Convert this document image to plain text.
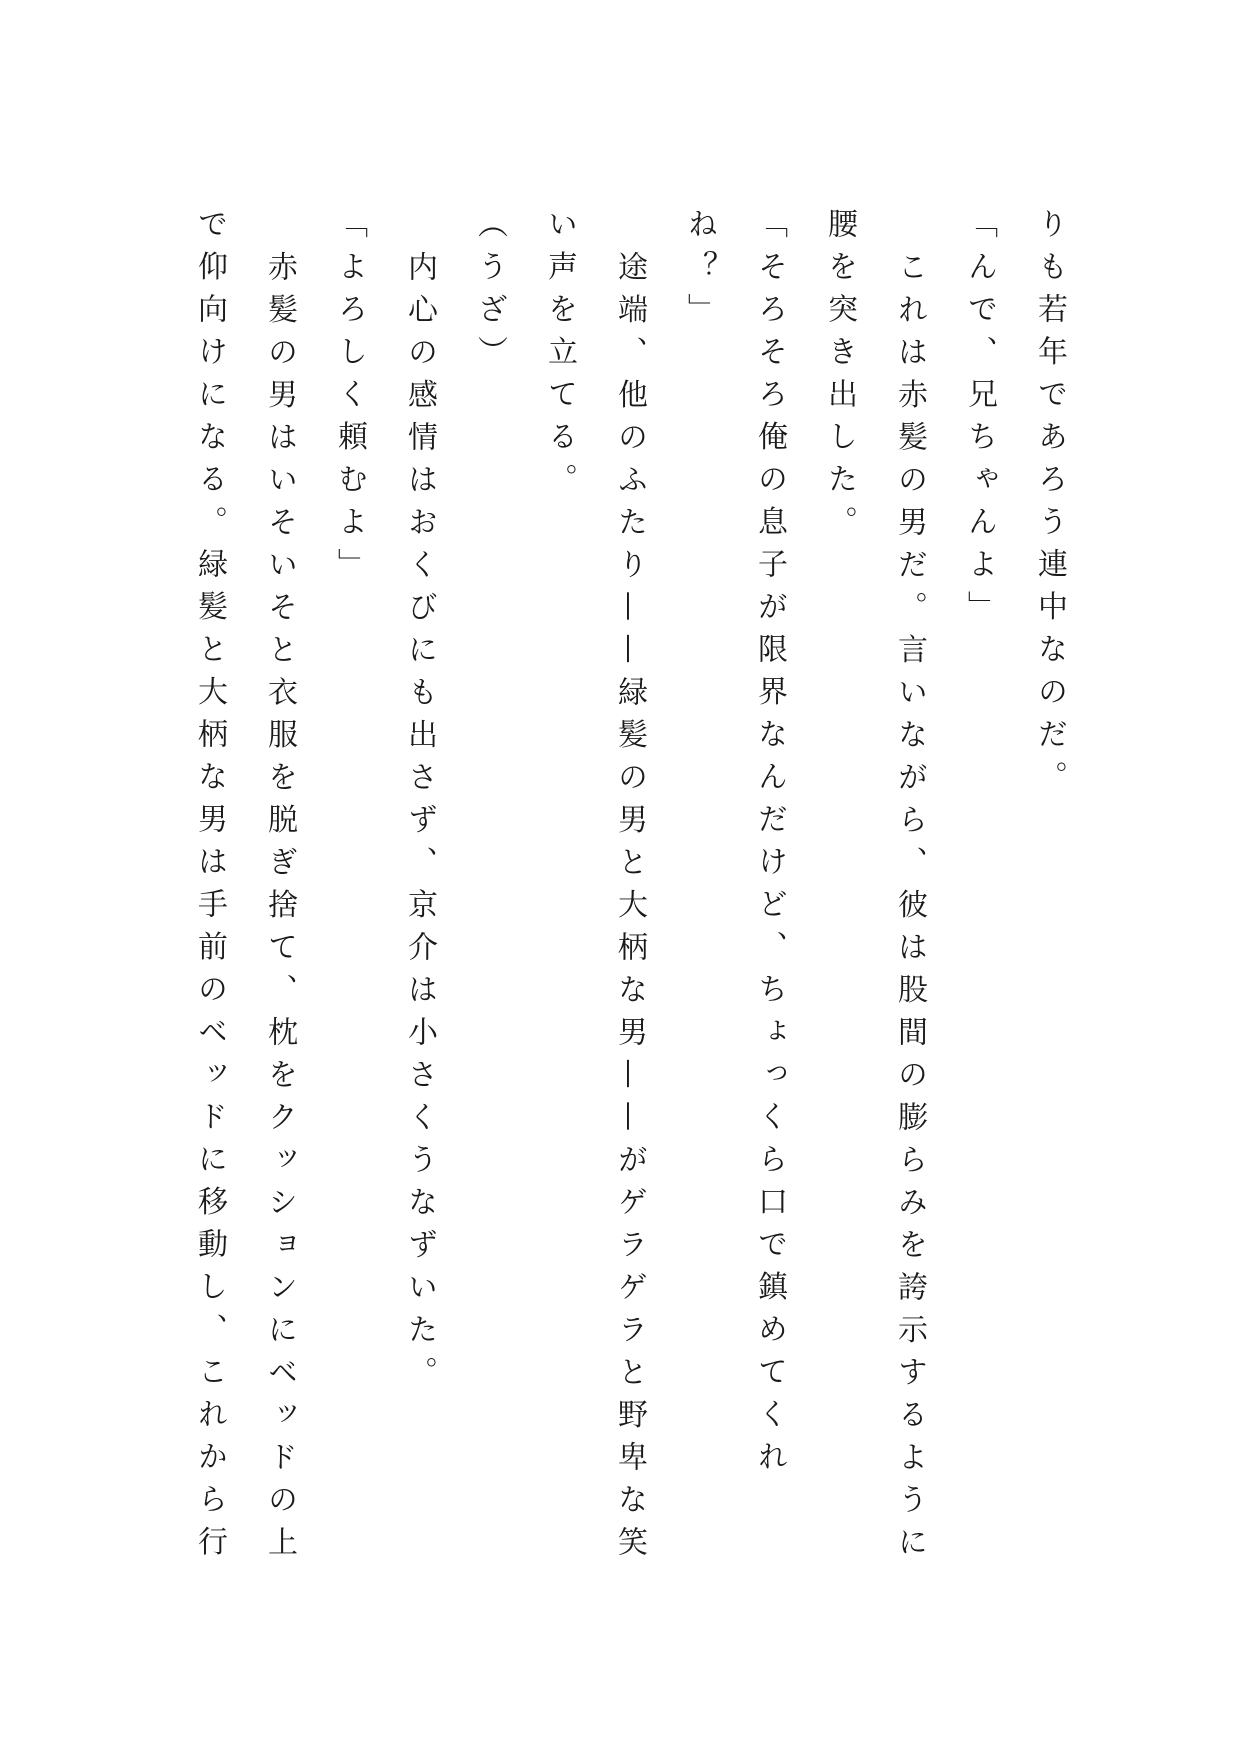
りも若年であろう連中なのだ。
「んで、兄ちゃんよ」
これは赤髪の男だ。言いながら、彼は股間の膨らみを誇示するように
腰を突き出した。
「そろそろ俺の息子が限界なんだけど、ちょっくら口で鎮めてくれ
ね？」
途端、他のふたり——緑髪の男と大柄な男——がゲラゲラと野卑な笑
い声を立てる。
（うざ）
内心の感情はおくびにも出さず、京介は小さくうなずいた。
「よろしく頼むよ」
赤髪の男はいそいそと衣服を脱ぎ捨て、枕をクッションにベッドの上
で仰向けになる。緑髪と大柄な男は手前のベッドに移動し、これから行
